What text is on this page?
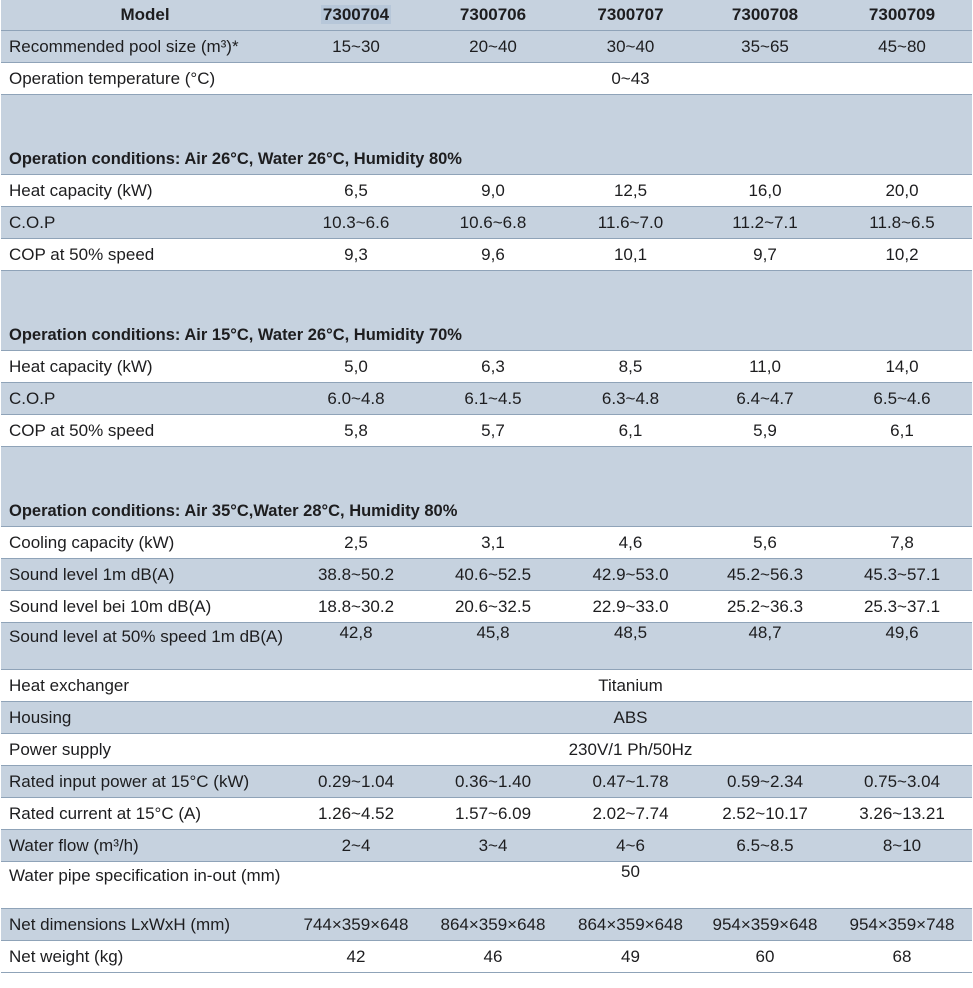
Model	7300704	7300706	7300707	7300708	7300709
Recommended pool size (m³)*	15~30	20~40	30~40	35~65	45~80
Operation temperature (°C)	0~43				
Operation conditions: Air 26°C, Water 26°C, Humidity 80%					
Heat capacity (kW)	6,5	9,0	12,5	16,0	20,0
C.O.P	10.3~6.6	10.6~6.8	11.6~7.0	11.2~7.1	11.8~6.5
COP at 50% speed	9,3	9,6	10,1	9,7	10,2
Operation conditions: Air 15°C, Water 26°C, Humidity 70%					
Heat capacity (kW)	5,0	6,3	8,5	11,0	14,0
C.O.P	6.0~4.8	6.1~4.5	6.3~4.8	6.4~4.7	6.5~4.6
COP at 50% speed	5,8	5,7	6,1	5,9	6,1
Operation conditions: Air 35°C,Water 28°C, Humidity 80%					
Cooling capacity (kW)	2,5	3,1	4,6	5,6	7,8
Sound level 1m dB(A)	38.8~50.2	40.6~52.5	42.9~53.0	45.2~56.3	45.3~57.1
Sound level bei 10m dB(A)	18.8~30.2	20.6~32.5	22.9~33.0	25.2~36.3	25.3~37.1
Sound level at 50% speed 1m dB(A)	42,8	45,8	48,5	48,7	49,6
Heat exchanger	Titanium				
Housing	ABS				
Power supply	230V/1 Ph/50Hz				
Rated input power at 15°C (kW)	0.29~1.04	0.36~1.40	0.47~1.78	0.59~2.34	0.75~3.04
Rated current at 15°C (A)	1.26~4.52	1.57~6.09	2.02~7.74	2.52~10.17	3.26~13.21
Water flow (m³/h)	2~4	3~4	4~6	6.5~8.5	8~10
Water pipe specification in-out (mm)	50				
Net dimensions LxWxH (mm)	744×359×648	864×359×648	864×359×648	954×359×648	954×359×748
Net weight (kg)	42	46	49	60	68
